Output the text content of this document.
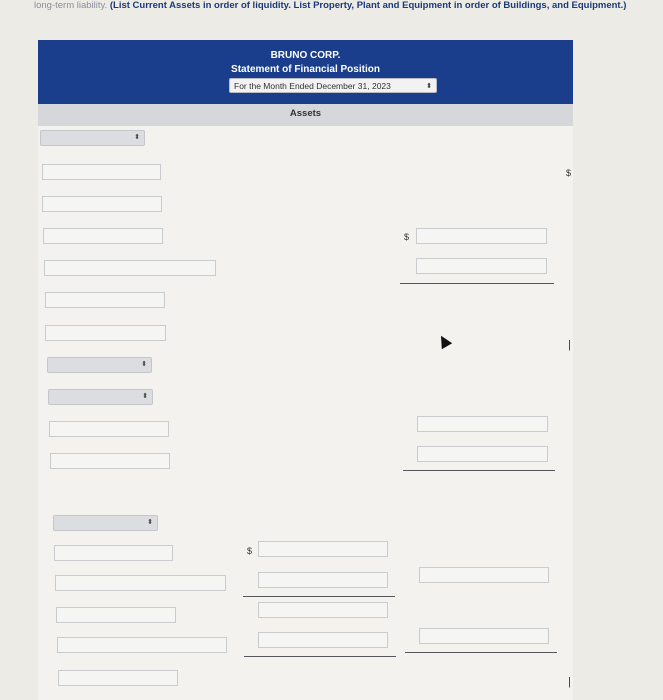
long-term liability. (List Current Assets in order of liquidity. List Property, Plant and Equipment in order of Buildings, and Equipment.)
BRUNO CORP.
Statement of Financial Position
For the Month Ended December 31, 2023	⬍
Assets
⬍
⬍
⬍
⬍
$
$
$
|
|
